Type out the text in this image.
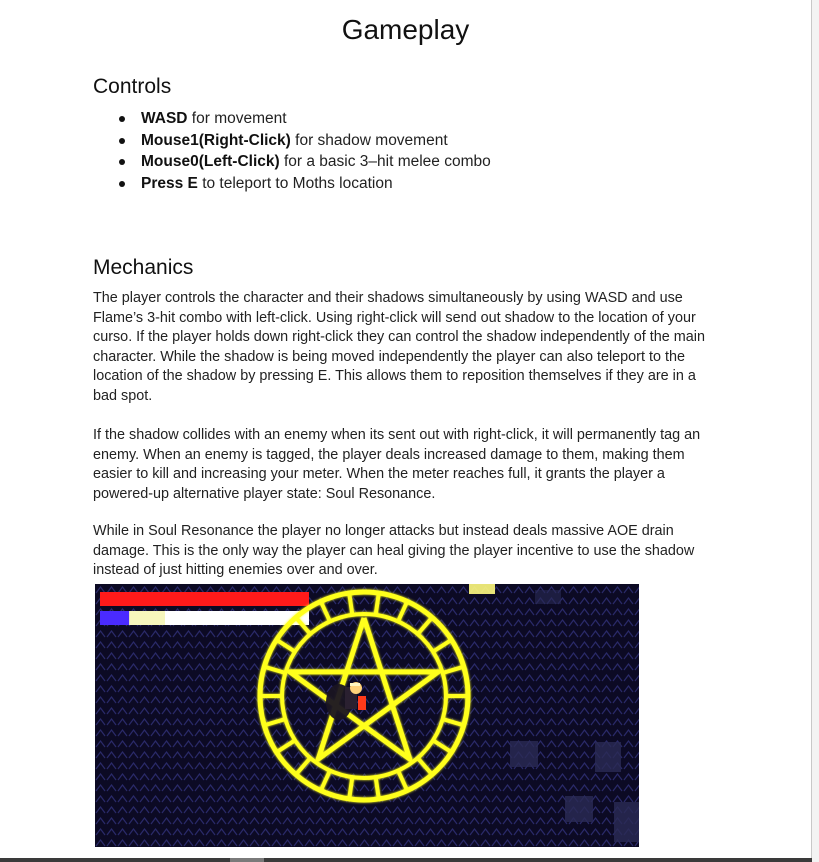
Gameplay
Controls
WASD for movement
Mouse1(Right-Click) for shadow movement
Mouse0(Left-Click) for a basic 3–hit melee combo
Press E to teleport to Moths location
Mechanics

The player controls the character and their shadows simultaneously by using WASD and use Flame’s 3-hit combo with left-click. Using right-click will send out shadow to the location of your curso. If the player holds down right-click they can control the shadow independently of the main character. While the shadow is being moved independently the player can also teleport to the location of the shadow by pressing E. This allows them to reposition themselves if they are in a bad spot.

If the shadow collides with an enemy when its sent out with right-click, it will permanently tag an enemy. When an enemy is tagged, the player deals increased damage to them, making them easier to kill and increasing your meter. When the meter reaches full, it grants the player a powered-up alternative player state: Soul Resonance.

While in Soul Resonance the player no longer attacks but instead deals massive AOE drain damage. This is the only way the player can heal giving the player incentive to use the shadow instead of just hitting enemies over and over.
